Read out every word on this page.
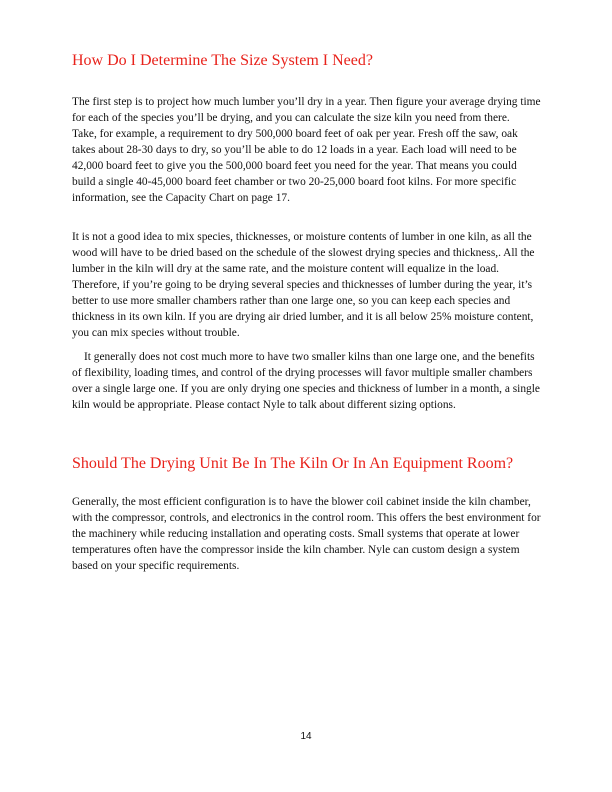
How Do I Determine The Size System I Need?

The first step is to project how much lumber you’ll dry in a year. Then figure your average drying time for each of the species you’ll be drying, and you can calculate the size kiln you need from there.

Take, for example, a requirement to dry 500,000 board feet of oak per year. Fresh off the saw, oak takes about 28-30 days to dry, so you’ll be able to do 12 loads in a year. Each load will need to be 42,000 board feet to give you the 500,000 board feet you need for the year. That means you could build a single 40-45,000 board feet chamber or two 20-25,000 board foot kilns. For more specific information, see the Capacity Chart on page 17.

It is not a good idea to mix species, thicknesses, or moisture contents of lumber in one kiln, as all the wood will have to be dried based on the schedule of the slowest drying species and thickness,. All the lumber in the kiln will dry at the same rate, and the moisture content will equalize in the load. Therefore, if you’re going to be drying several species and thicknesses of lumber during the year, it’s better to use more smaller chambers rather than one large one, so you can keep each species and thickness in its own kiln. If you are drying air dried lumber, and it is all below 25% moisture content, you can mix species without trouble.

It generally does not cost much more to have two smaller kilns than one large one, and the benefits of flexibility, loading times, and control of the drying processes will favor multiple smaller chambers over a single large one. If you are only drying one species and thickness of lumber in a month, a single kiln would be appropriate. Please contact Nyle to talk about different sizing options.

Should The Drying Unit Be In The Kiln Or In An Equipment Room?

Generally, the most efficient configuration is to have the blower coil cabinet inside the kiln chamber, with the compressor, controls, and electronics in the control room. This offers the best environment for the machinery while reducing installation and operating costs. Small systems that operate at lower temperatures often have the compressor inside the kiln chamber. Nyle can custom design a system based on your specific requirements.

14
